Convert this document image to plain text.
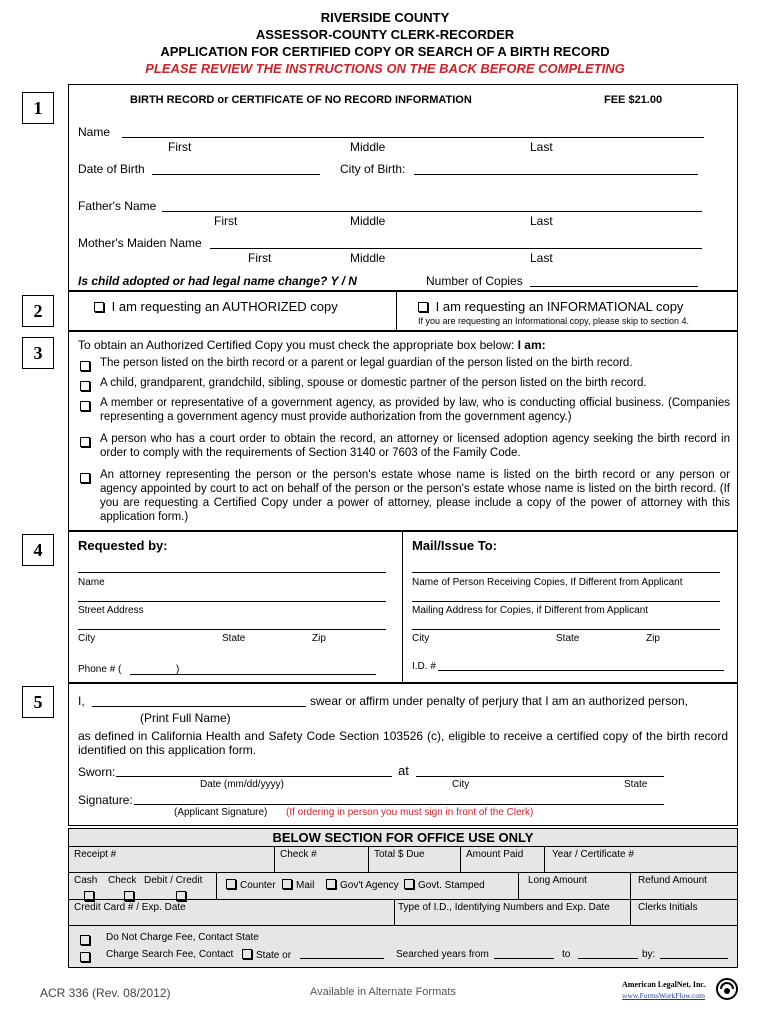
RIVERSIDE COUNTY
ASSESSOR-COUNTY CLERK-RECORDER
APPLICATION FOR CERTIFIED COPY OR SEARCH OF A BIRTH RECORD
PLEASE REVIEW THE INSTRUCTIONS ON THE BACK BEFORE COMPLETING
1	BIRTH RECORD or CERTIFICATE OF NO RECORD INFORMATION	FEE $21.00
Name
First	Middle	Last
Date of Birth	City of Birth:
Father's Name
First	Middle	Last
Mother's Maiden Name
First	Middle	Last
Is child adopted or had legal name change? Y / N	Number of Copies
2	I am requesting an AUTHORIZED copy	I am requesting an INFORMATIONAL copy
If you are requesting an Informational copy, please skip to section 4.
3	To obtain an Authorized Certified Copy you must check the appropriate box below: I am:
The person listed on the birth record or a parent or legal guardian of the person listed on the birth record.
A child, grandparent, grandchild, sibling, spouse or domestic partner of the person listed on the birth record.
A member or representative of a government agency, as provided by law, who is conducting official business. (Companies representing a government agency must provide authorization from the government agency.)
A person who has a court order to obtain the record, an attorney or licensed adoption agency seeking the birth record in order to comply with the requirements of Section 3140 or 7603 of the Family Code.
An attorney representing the person or the person's estate whose name is listed on the birth record or any person or agency appointed by court to act on behalf of the person or the person's estate whose name is listed on the birth record. (If you are requesting a Certified Copy under a power of attorney, please include a copy of the power of attorney with this application form.)
4	Requested by:	Mail/Issue To:
Name
Street Address
City	State	Zip
Phone # (	)
Name of Person Receiving Copies, If Different from Applicant
Mailing Address for Copies, if Different from Applicant
City	State	Zip
I.D. #
5	I,	swear or affirm under penalty of perjury that I am an authorized person,
(Print Full Name)
as defined in California Health and Safety Code Section 103526 (c), eligible to receive a certified copy of the birth record identified on this application form.
Sworn:	at
Date (mm/dd/yyyy)	City	State
Signature:
(Applicant Signature) (If ordering in person you must sign in front of the Clerk)
BELOW SECTION FOR OFFICE USE ONLY
Receipt #	Check #	Total $ Due	Amount Paid	Year / Certificate #
Cash Check Debit / Credit	Counter	Mail	Gov't Agency	Govt. Stamped	Long Amount	Refund Amount
Credit Card # / Exp. Date	Type of I.D., Identifying Numbers and Exp. Date	Clerks Initials
Do Not Charge Fee, Contact State
Charge Search Fee, Contact	State or	Searched years from	to	by:
ACR 336 (Rev. 08/2012)	Available in Alternate Formats
American LegalNet, Inc.
www.FormsWorkFlow.com
